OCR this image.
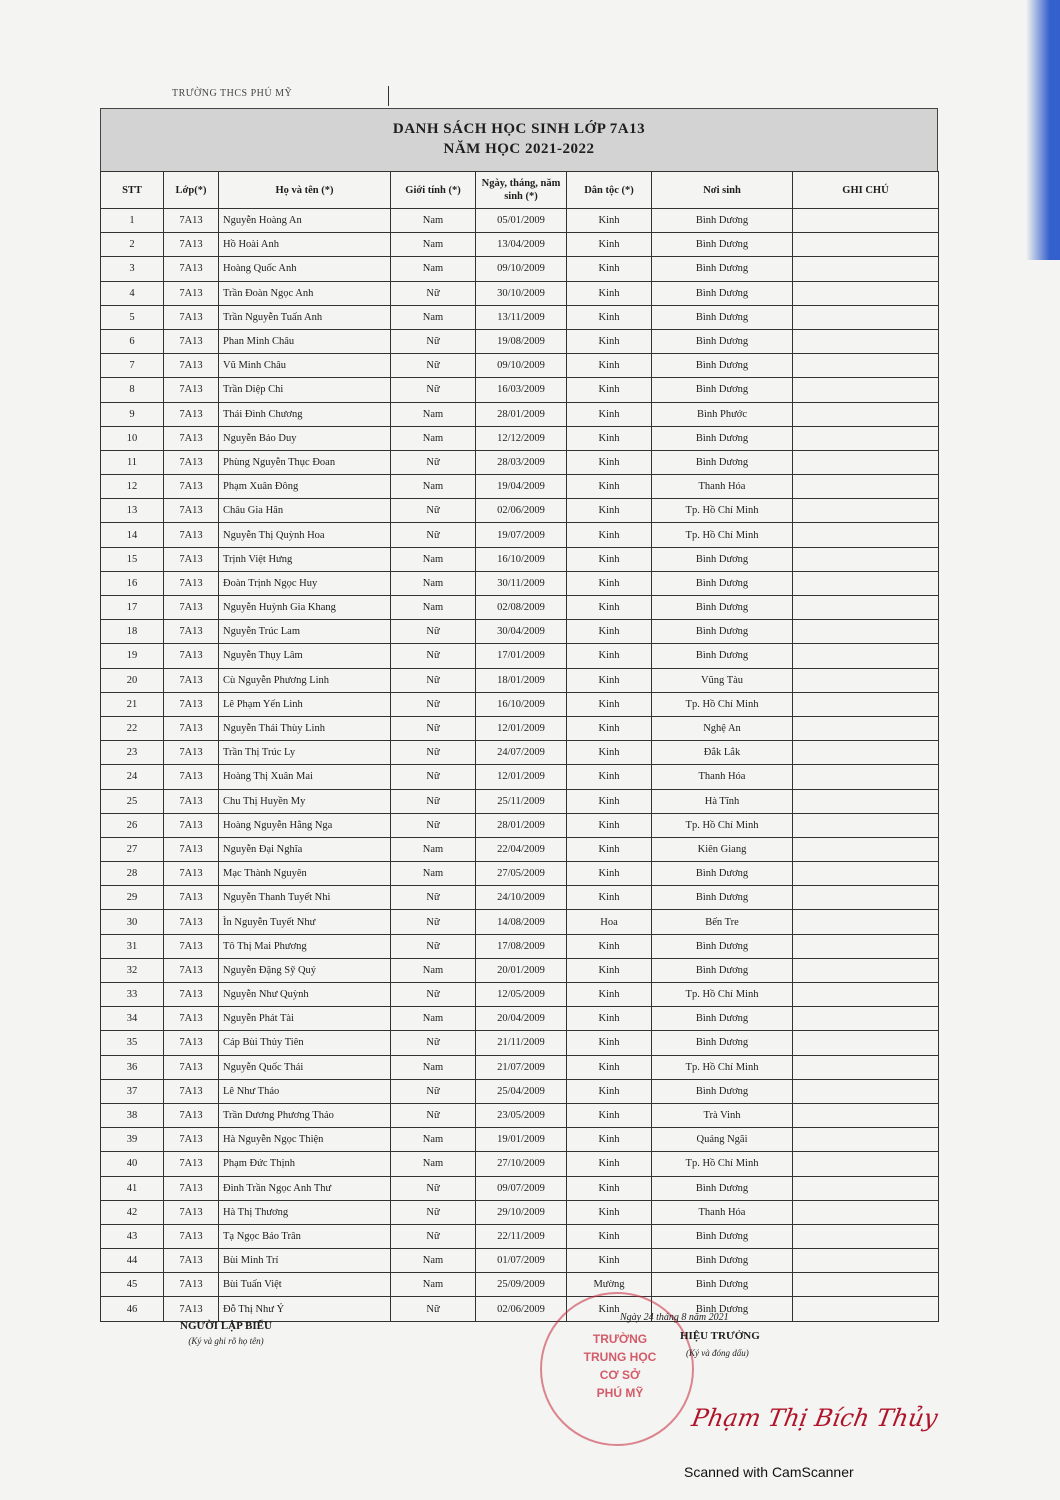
TRƯỜNG THCS PHÚ MỸ
DANH SÁCH HỌC SINH LỚP 7A13
NĂM HỌC 2021-2022
STT	Lớp(*)	Họ và tên (*)	Giới tính (*)	Ngày, tháng, năm sinh (*)	Dân tộc (*)	Nơi sinh	GHI CHÚ
1	7A13	Nguyễn Hoàng An	Nam	05/01/2009	Kinh	Bình Dương	
2	7A13	Hồ Hoài Anh	Nam	13/04/2009	Kinh	Bình Dương	
3	7A13	Hoàng Quốc Anh	Nam	09/10/2009	Kinh	Bình Dương	
4	7A13	Trần Đoàn Ngọc Anh	Nữ	30/10/2009	Kinh	Bình Dương	
5	7A13	Trần Nguyễn Tuấn Anh	Nam	13/11/2009	Kinh	Bình Dương	
6	7A13	Phan Minh Châu	Nữ	19/08/2009	Kinh	Bình Dương	
7	7A13	Vũ Minh Châu	Nữ	09/10/2009	Kinh	Bình Dương	
8	7A13	Trần Diệp Chi	Nữ	16/03/2009	Kinh	Bình Dương	
9	7A13	Thái Đình Chương	Nam	28/01/2009	Kinh	Bình Phước	
10	7A13	Nguyễn Bảo Duy	Nam	12/12/2009	Kinh	Bình Dương	
11	7A13	Phùng Nguyễn Thục Đoan	Nữ	28/03/2009	Kinh	Bình Dương	
12	7A13	Phạm Xuân Đông	Nam	19/04/2009	Kinh	Thanh Hóa	
13	7A13	Châu Gia Hân	Nữ	02/06/2009	Kinh	Tp. Hồ Chí Minh	
14	7A13	Nguyễn Thị Quỳnh Hoa	Nữ	19/07/2009	Kinh	Tp. Hồ Chí Minh	
15	7A13	Trịnh Việt Hưng	Nam	16/10/2009	Kinh	Bình Dương	
16	7A13	Đoàn Trịnh Ngọc Huy	Nam	30/11/2009	Kinh	Bình Dương	
17	7A13	Nguyễn Huỳnh Gia Khang	Nam	02/08/2009	Kinh	Bình Dương	
18	7A13	Nguyễn Trúc Lam	Nữ	30/04/2009	Kinh	Bình Dương	
19	7A13	Nguyễn Thụy Lâm	Nữ	17/01/2009	Kinh	Bình Dương	
20	7A13	Cù Nguyễn Phương Linh	Nữ	18/01/2009	Kinh	Vũng Tàu	
21	7A13	Lê Phạm Yến Linh	Nữ	16/10/2009	Kinh	Tp. Hồ Chí Minh	
22	7A13	Nguyễn Thái Thùy Linh	Nữ	12/01/2009	Kinh	Nghệ An	
23	7A13	Trần Thị Trúc Ly	Nữ	24/07/2009	Kinh	Đắk Lắk	
24	7A13	Hoàng Thị Xuân Mai	Nữ	12/01/2009	Kinh	Thanh Hóa	
25	7A13	Chu Thị Huyền My	Nữ	25/11/2009	Kinh	Hà Tĩnh	
26	7A13	Hoàng Nguyễn Hằng Nga	Nữ	28/01/2009	Kinh	Tp. Hồ Chí Minh	
27	7A13	Nguyễn Đại Nghĩa	Nam	22/04/2009	Kinh	Kiên Giang	
28	7A13	Mạc Thành Nguyên	Nam	27/05/2009	Kinh	Bình Dương	
29	7A13	Nguyễn Thanh Tuyết Nhi	Nữ	24/10/2009	Kinh	Bình Dương	
30	7A13	Ìn Nguyễn Tuyết Như	Nữ	14/08/2009	Hoa	Bến Tre	
31	7A13	Tô Thị Mai Phương	Nữ	17/08/2009	Kinh	Bình Dương	
32	7A13	Nguyễn Đặng Sỹ Quý	Nam	20/01/2009	Kinh	Bình Dương	
33	7A13	Nguyễn Như Quỳnh	Nữ	12/05/2009	Kinh	Tp. Hồ Chí Minh	
34	7A13	Nguyễn Phát Tài	Nam	20/04/2009	Kinh	Bình Dương	
35	7A13	Cáp Bùi Thủy Tiên	Nữ	21/11/2009	Kinh	Bình Dương	
36	7A13	Nguyễn Quốc Thái	Nam	21/07/2009	Kinh	Tp. Hồ Chí Minh	
37	7A13	Lê Như Thảo	Nữ	25/04/2009	Kinh	Bình Dương	
38	7A13	Trần Dương Phương Thảo	Nữ	23/05/2009	Kinh	Trà Vinh	
39	7A13	Hà Nguyễn Ngọc Thiện	Nam	19/01/2009	Kinh	Quảng Ngãi	
40	7A13	Phạm Đức Thịnh	Nam	27/10/2009	Kinh	Tp. Hồ Chí Minh	
41	7A13	Đinh Trần Ngọc Anh Thư	Nữ	09/07/2009	Kinh	Bình Dương	
42	7A13	Hà Thị Thương	Nữ	29/10/2009	Kinh	Thanh Hóa	
43	7A13	Tạ Ngọc Bảo Trân	Nữ	22/11/2009	Kinh	Bình Dương	
44	7A13	Bùi Minh Trí	Nam	01/07/2009	Kinh	Bình Dương	
45	7A13	Bùi Tuấn Việt	Nam	25/09/2009	Mường	Bình Dương	
46	7A13	Đỗ Thị Như Ý	Nữ	02/06/2009	Kinh	Bình Dương	
NGƯỜI LẬP BIỂU
(Ký và ghi rõ họ tên)	TRƯỜNG
TRUNG HỌC
CƠ SỞ
PHÚ MỸ
Ngày 24 tháng 8 năm 2021
HIỆU TRƯỞNG
(Ký và đóng dấu)
Phạm Thị Bích Thủy
Scanned with CamScanner
